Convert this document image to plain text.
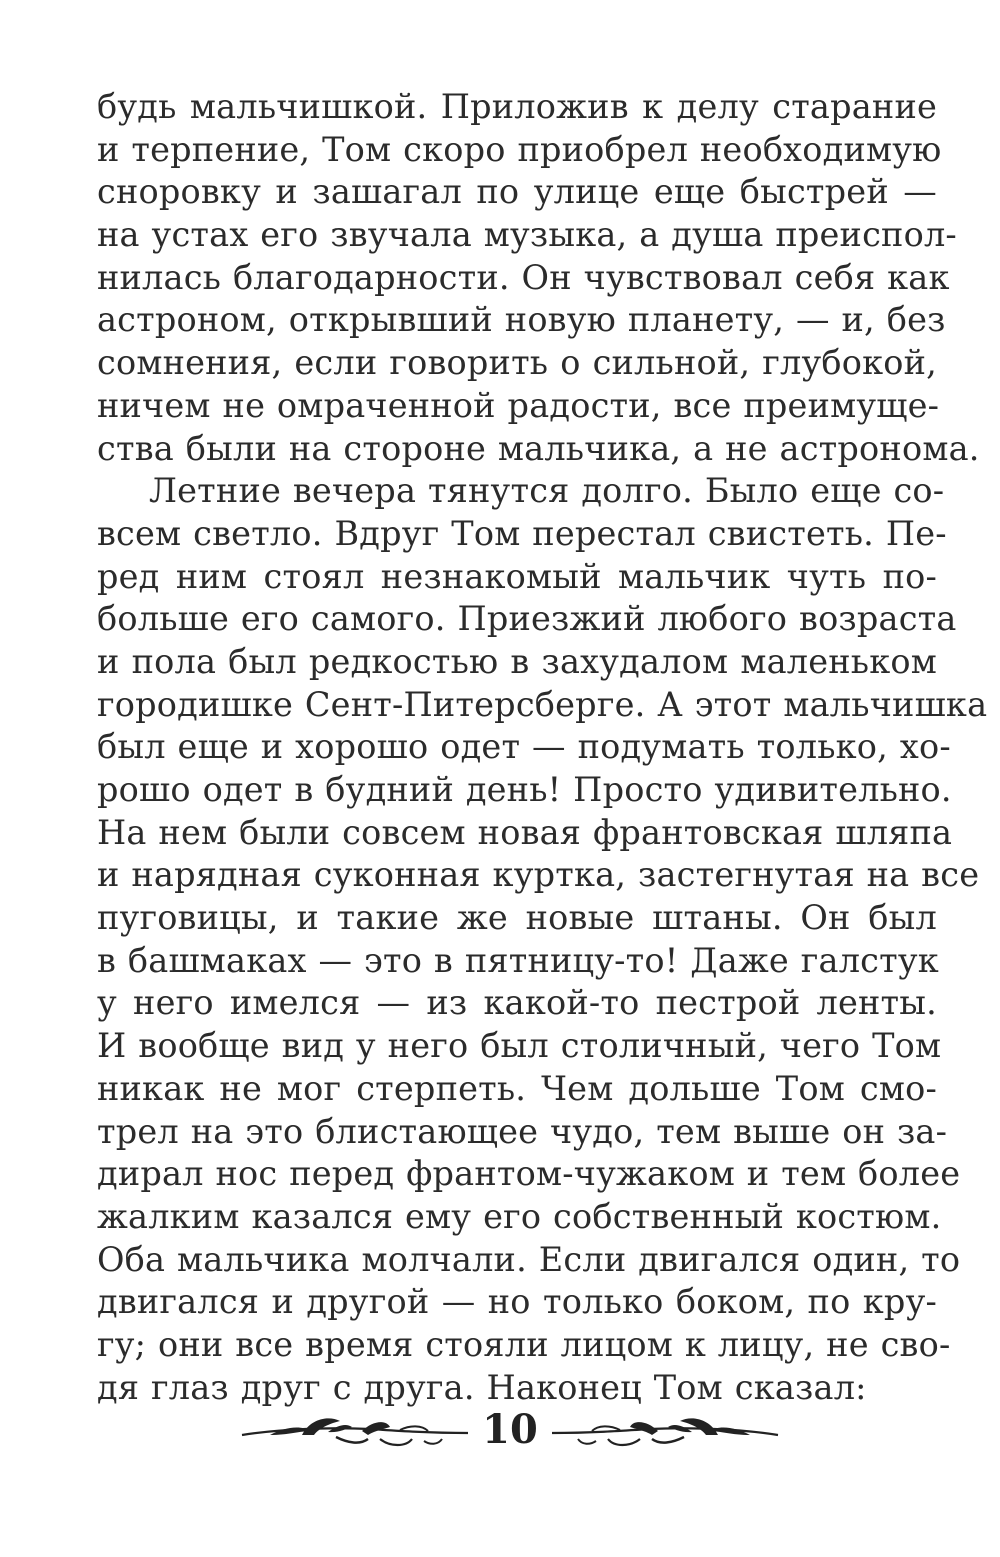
будь мальчишкой. Приложив к делу старание
и терпение, Том скоро приобрел необходимую
сноровку и зашагал по улице еще быстрей —
на устах его звучала музыка, а душа преиспол-
нилась благодарности. Он чувствовал себя как
астроном, открывший новую планету, — и, без
сомнения, если говорить о сильной, глубокой,
ничем не омраченной радости, все преимуще-
ства были на стороне мальчика, а не астронома.
Летние вечера тянутся долго. Было еще со-
всем светло. Вдруг Том перестал свистеть. Пе-
ред ним стоял незнакомый мальчик чуть по-
больше его самого. Приезжий любого возраста
и пола был редкостью в захудалом маленьком
городишке Сент-Питерсберге. А этот мальчишка
был еще и хорошо одет — подумать только, хо-
рошо одет в будний день! Просто удивительно.
На нем были совсем новая франтовская шляпа
и нарядная суконная куртка, застегнутая на все
пуговицы, и такие же новые штаны. Он был
в башмаках — это в пятницу-то! Даже галстук
у него имелся — из какой-то пестрой ленты.
И вообще вид у него был столичный, чего Том
никак не мог стерпеть. Чем дольше Том смо-
трел на это блистающее чудо, тем выше он за-
дирал нос перед франтом-чужаком и тем более
жалким казался ему его собственный костюм.
Оба мальчика молчали. Если двигался один, то
двигался и другой — но только боком, по кру-
гу; они все время стояли лицом к лицу, не сво-
дя глаз друг с друга. Наконец Том сказал:
10
